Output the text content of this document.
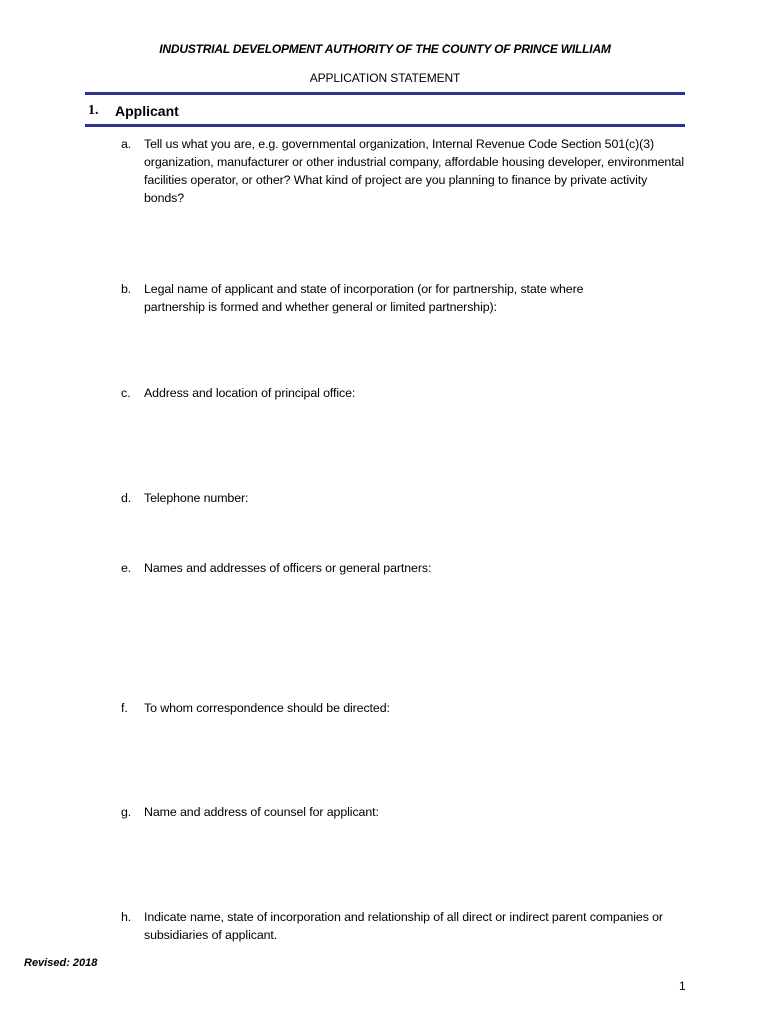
INDUSTRIAL DEVELOPMENT AUTHORITY OF THE COUNTY OF PRINCE WILLIAM
APPLICATION STATEMENT
1. Applicant
a. Tell us what you are, e.g. governmental organization, Internal Revenue Code Section 501(c)(3) organization, manufacturer or other industrial company, affordable housing developer, environmental facilities operator, or other? What kind of project are you planning to finance by private activity bonds?
b. Legal name of applicant and state of incorporation (or for partnership, state where partnership is formed and whether general or limited partnership):
c. Address and location of principal office:
d. Telephone number:
e. Names and addresses of officers or general partners:
f. To whom correspondence should be directed:
g. Name and address of counsel for applicant:
h. Indicate name, state of incorporation and relationship of all direct or indirect parent companies or subsidiaries of applicant.
Revised: 2018
1
